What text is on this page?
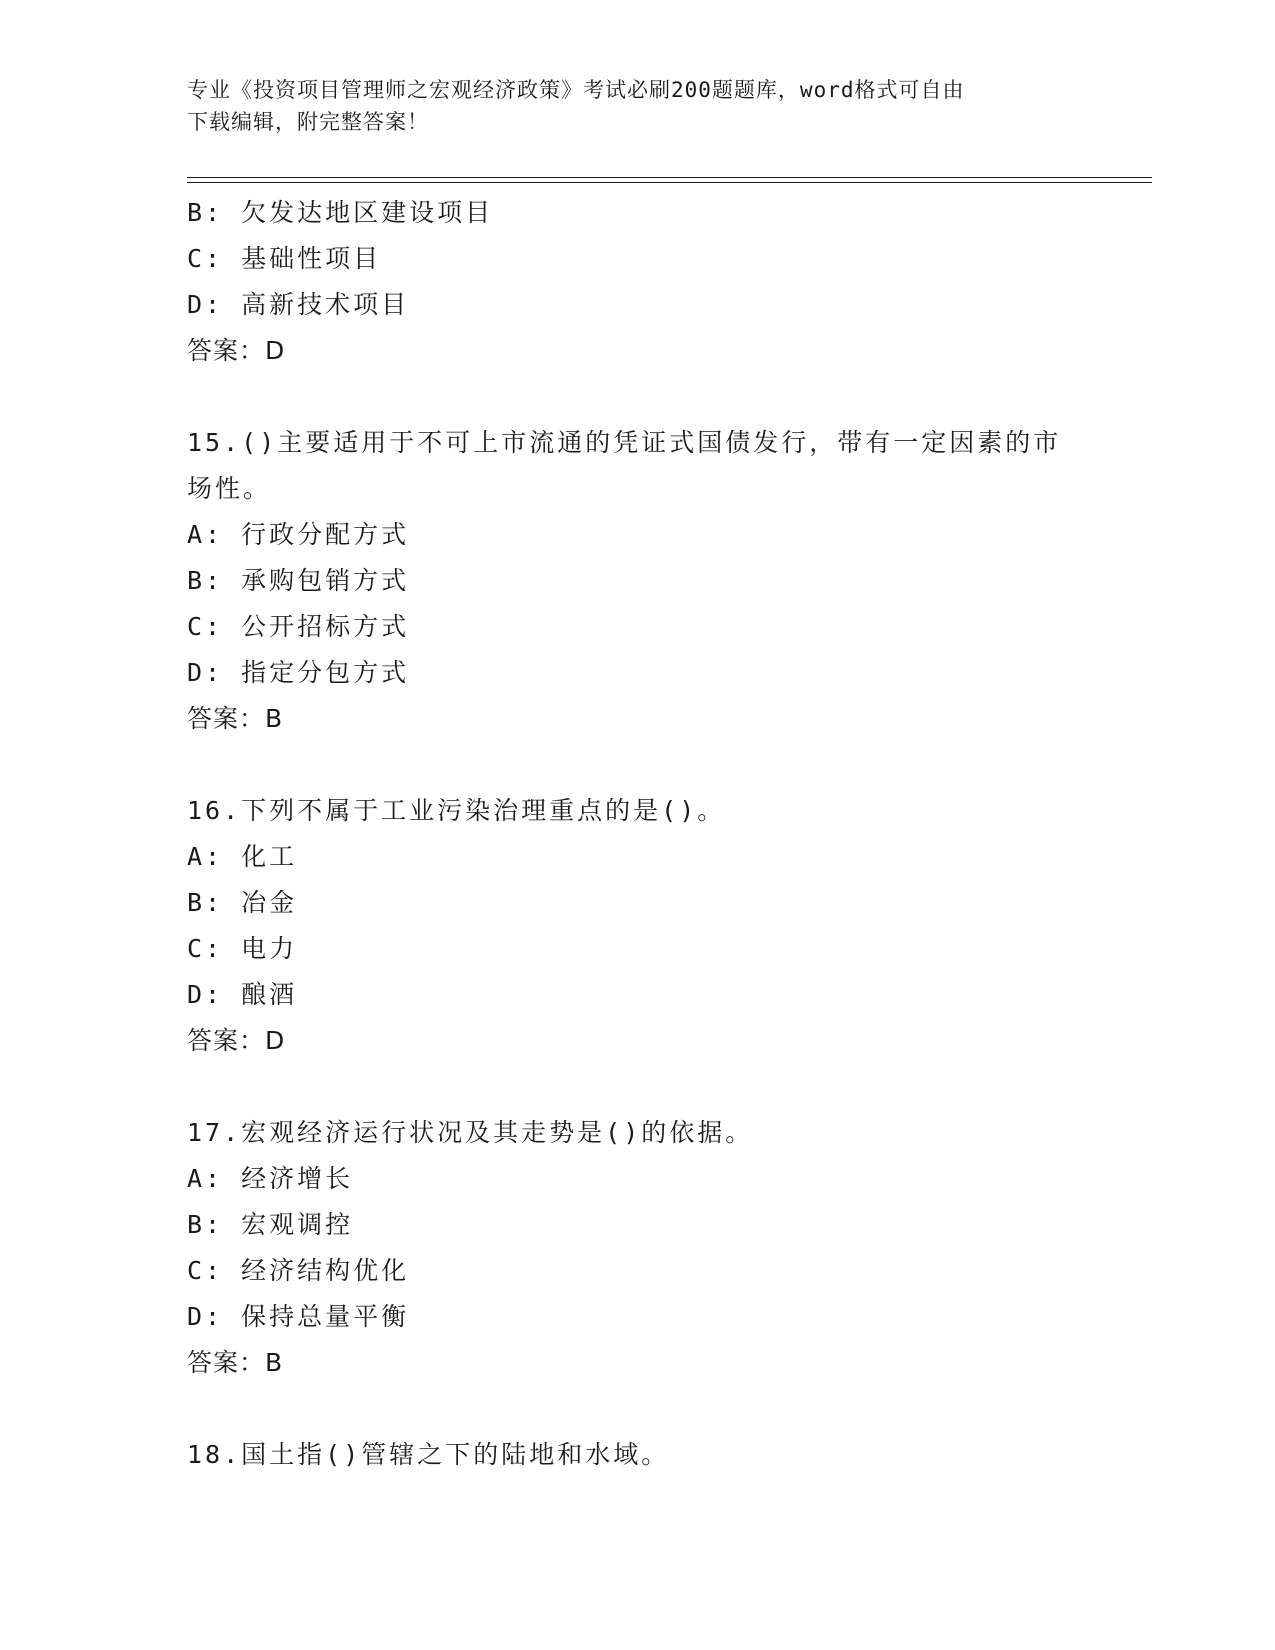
专业《投资项目管理师之宏观经济政策》考试必刷200题题库，word格式可自由
下载编辑，附完整答案！
B: 欠发达地区建设项目
C: 基础性项目
D: 高新技术项目
答案：D
15.()主要适用于不可上市流通的凭证式国债发行，带有一定因素的市
场性。
A: 行政分配方式
B: 承购包销方式
C: 公开招标方式
D: 指定分包方式
答案：B
16.下列不属于工业污染治理重点的是()。
A: 化工
B: 冶金
C: 电力
D: 酿酒
答案：D
17.宏观经济运行状况及其走势是()的依据。
A: 经济增长
B: 宏观调控
C: 经济结构优化
D: 保持总量平衡
答案：B
18.国土指()管辖之下的陆地和水域。
